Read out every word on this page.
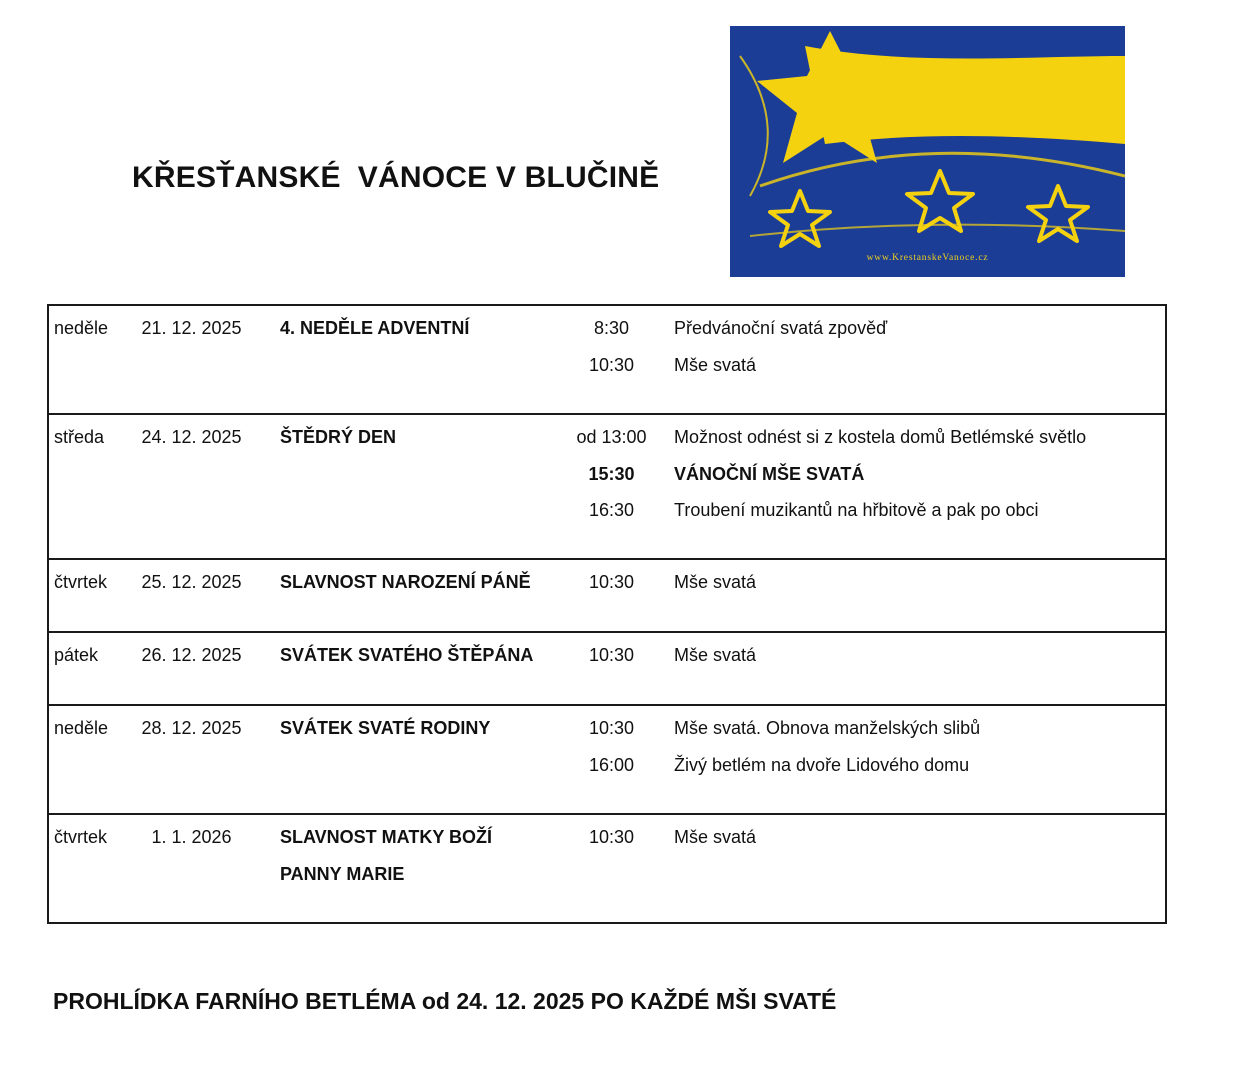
KŘESŤANSKÉ  VÁNOCE V BLUČINĚ
www.KrestanskeVanoce.cz
neděle	21. 12. 2025	4. NEDĚLE ADVENTNÍ	8:30	Předvánoční svatá zpověď
10:30	Mše svatá
středa	24. 12. 2025	ŠTĚDRÝ DEN	od 13:00	Možnost odnést si z kostela domů Betlémské světlo
15:30	VÁNOČNÍ MŠE SVATÁ
16:30	Troubení muzikantů na hřbitově a pak po obci
čtvrtek	25. 12. 2025	SLAVNOST NAROZENÍ PÁNĚ	10:30	Mše svatá
pátek	26. 12. 2025	SVÁTEK SVATÉHO ŠTĚPÁNA	10:30	Mše svatá
neděle	28. 12. 2025	SVÁTEK SVATÉ RODINY	10:30	Mše svatá. Obnova manželských slibů
16:00	Živý betlém na dvoře Lidového domu
čtvrtek	1. 1. 2026	SLAVNOST MATKY BOŽÍ	10:30	Mše svatá
PANNY MARIE
PROHLÍDKA FARNÍHO BETLÉMA od 24. 12. 2025 PO KAŽDÉ MŠI SVATÉ
